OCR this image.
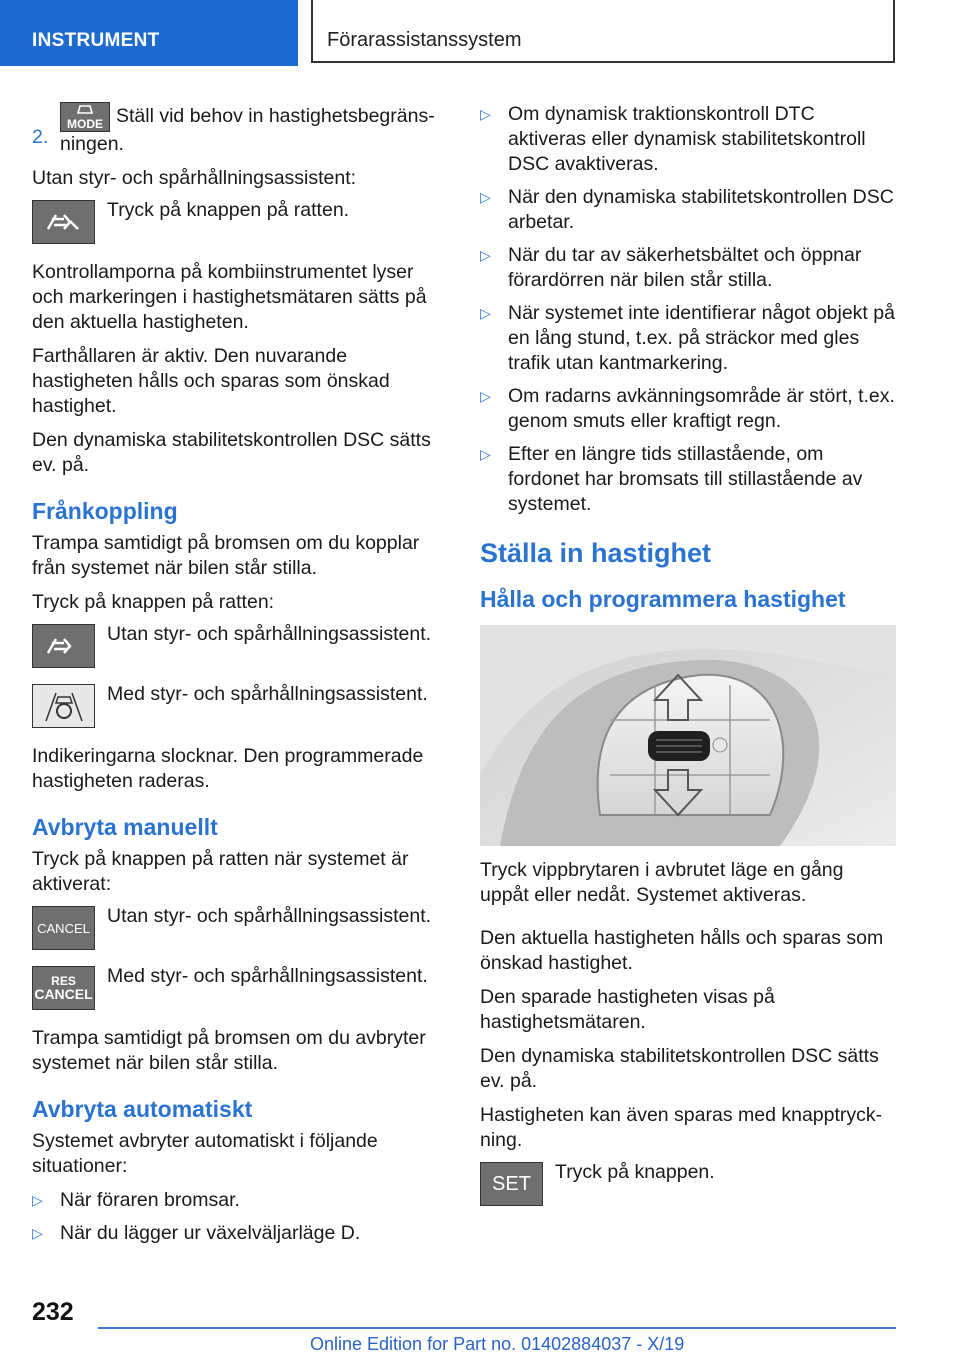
INSTRUMENT	Förarassistanssystem
2.

MODE Ställ vid behov in hastighetsbegränsningen.

Utan styr- och spårhållningsassistent:

Tryck på knappen på ratten.

Kontrollamporna på kombiinstrumentet lyser och markeringen i hastighetsmätaren sätts på den aktuella hastigheten.

Farthållaren är aktiv. Den nuvarande hastigheten hålls och sparas som önskad hastighet.

Den dynamiska stabilitetskontrollen DSC sätts ev. på.

Frånkoppling

Trampa samtidigt på bromsen om du kopplar från systemet när bilen står stilla.

Tryck på knappen på ratten:

Utan styr- och spårhållningsassistent.
Med styr- och spårhållningsassistent.

Indikeringarna slocknar. Den programmerade hastigheten raderas.

Avbryta manuellt

Tryck på knappen på ratten när systemet är aktiverat:

CANCEL
Utan styr- och spårhållningsassistent.
RES
CANCEL
Med styr- och spårhållningsassistent.

Trampa samtidigt på bromsen om du avbryter systemet när bilen står stilla.

Avbryta automatiskt

Systemet avbryter automatiskt i följande situationer:

▷ När föraren bromsar.
▷ När du lägger ur växelväljarläge D.
▷ Om dynamisk traktionskontroll DTC aktiveras eller dynamisk stabilitetskontroll DSC avaktiveras.
▷ När den dynamiska stabilitetskontrollen DSC arbetar.
▷ När du tar av säkerhetsbältet och öppnar förardörren när bilen står stilla.
▷ När systemet inte identifierar något objekt på en lång stund, t.ex. på sträckor med gles trafik utan kantmarkering.
▷ Om radarns avkänningsområde är stört, t.ex. genom smuts eller kraftigt regn.
▷ Efter en längre tids stillastående, om fordonet har bromsats till stillastående av systemet.
Ställa in hastighet
Hålla och programmera hastighet

Tryck vippbrytaren i avbrutet läge en gång uppåt eller nedåt. Systemet aktiveras.

Den aktuella hastigheten hålls och sparas som önskad hastighet.

Den sparade hastigheten visas på hastighetsmätaren.

Den dynamiska stabilitetskontrollen DSC sätts ev. på.

Hastigheten kan även sparas med knapptryckning.

SET
Tryck på knappen.
232
Online Edition for Part no. 01402884037 - X/19
